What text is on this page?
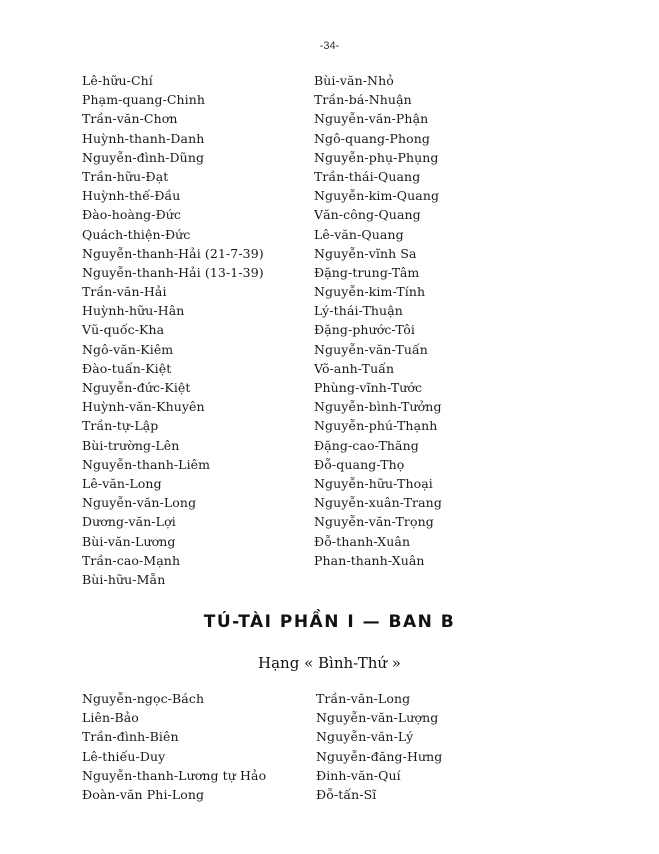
-34-
Lê-hữu-Chí
Phạm-quang-Chinh
Trần-văn-Chơn
Huỳnh-thanh-Danh
Nguyễn-đình-Dũng
Trần-hữu-Đạt
Huỳnh-thế-Đầu
Đào-hoàng-Đức
Quách-thiện-Đức
Nguyễn-thanh-Hải (21-7-39)
Nguyễn-thanh-Hải (13-1-39)
Trần-văn-Hải
Huỳnh-hữu-Hân
Vũ-quốc-Kha
Ngô-văn-Kiêm
Đào-tuấn-Kiệt
Nguyễn-đức-Kiệt
Huỳnh-văn-Khuyên
Trần-tự-Lập
Bùi-trường-Lên
Nguyễn-thanh-Liêm
Lê-văn-Long
Nguyễn-văn-Long
Dương-văn-Lợi
Bùi-văn-Lương
Trần-cao-Mạnh
Bùi-hữu-Mẫn
Bùi-văn-Nhỏ
Trần-bá-Nhuận
Nguyễn-văn-Phận
Ngô-quang-Phong
Nguyễn-phụ-Phụng
Trần-thái-Quang
Nguyễn-kim-Quang
Văn-công-Quang
Lê-văn-Quang
Nguyễn-vĩnh Sa
Đặng-trung-Tâm
Nguyễn-kim-Tính
Lý-thái-Thuận
Đặng-phước-Tôi
Nguyễn-văn-Tuấn
Võ-anh-Tuấn
Phùng-vĩnh-Tước
Nguyễn-bình-Tưởng
Nguyễn-phú-Thạnh
Đặng-cao-Thăng
Đỗ-quang-Thọ
Nguyễn-hữu-Thoại
Nguyễn-xuân-Trang
Nguyễn-văn-Trọng
Đỗ-thanh-Xuân
Phan-thanh-Xuân
TÚ-TÀI PHẦN I — BAN B
Hạng « Bình-Thứ »
Nguyễn-ngọc-Bách
Liên-Bảo
Trần-đình-Biên
Lê-thiếu-Duy
Nguyễn-thanh-Lương tự Hảo
Đoàn-văn Phi-Long
Trần-văn-Long
Nguyễn-văn-Lượng
Nguyễn-văn-Lý
Nguyễn-đăng-Hưng
Đinh-văn-Quí
Đỗ-tấn-Sĩ
